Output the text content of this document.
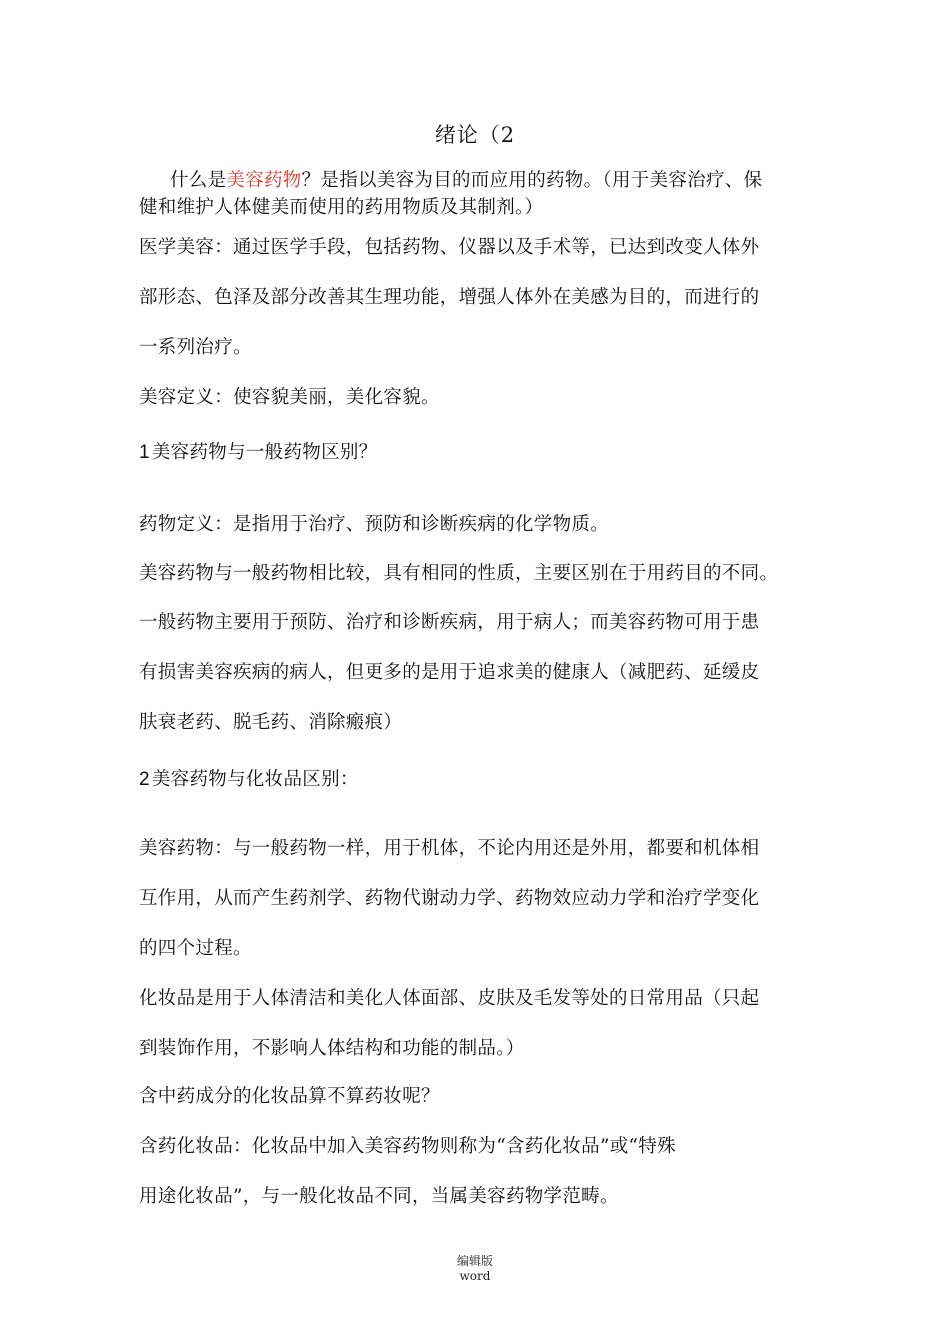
绪论（2
什么是美容药物？是指以美容为目的而应用的药物。（用于美容治疗、保
健和维护人体健美而使用的药用物质及其制剂。）
医学美容：通过医学手段，包括药物、仪器以及手术等，已达到改变人体外
部形态、色泽及部分改善其生理功能，增强人体外在美感为目的，而进行的
一系列治疗。
美容定义：使容貌美丽，美化容貌。
1 美容药物与一般药物区别？
药物定义：是指用于治疗、预防和诊断疾病的化学物质。
美容药物与一般药物相比较，具有相同的性质，主要区别在于用药目的不同。
一般药物主要用于预防、治疗和诊断疾病，用于病人；而美容药物可用于患
有损害美容疾病的病人，但更多的是用于追求美的健康人（减肥药、延缓皮
肤衰老药、脱毛药、消除瘢痕）
2 美容药物与化妆品区别：
美容药物：与一般药物一样，用于机体，不论内用还是外用，都要和机体相
互作用，从而产生药剂学、药物代谢动力学、药物效应动力学和治疗学变化
的四个过程。
化妆品是用于人体清洁和美化人体面部、皮肤及毛发等处的日常用品（只起
到装饰作用，不影响人体结构和功能的制品。）
含中药成分的化妆品算不算药妆呢？
含药化妆品：化妆品中加入美容药物则称为“含药化妆品”或“特殊
用途化妆品”，与一般化妆品不同，当属美容药物学范畴。
编辑版
word
